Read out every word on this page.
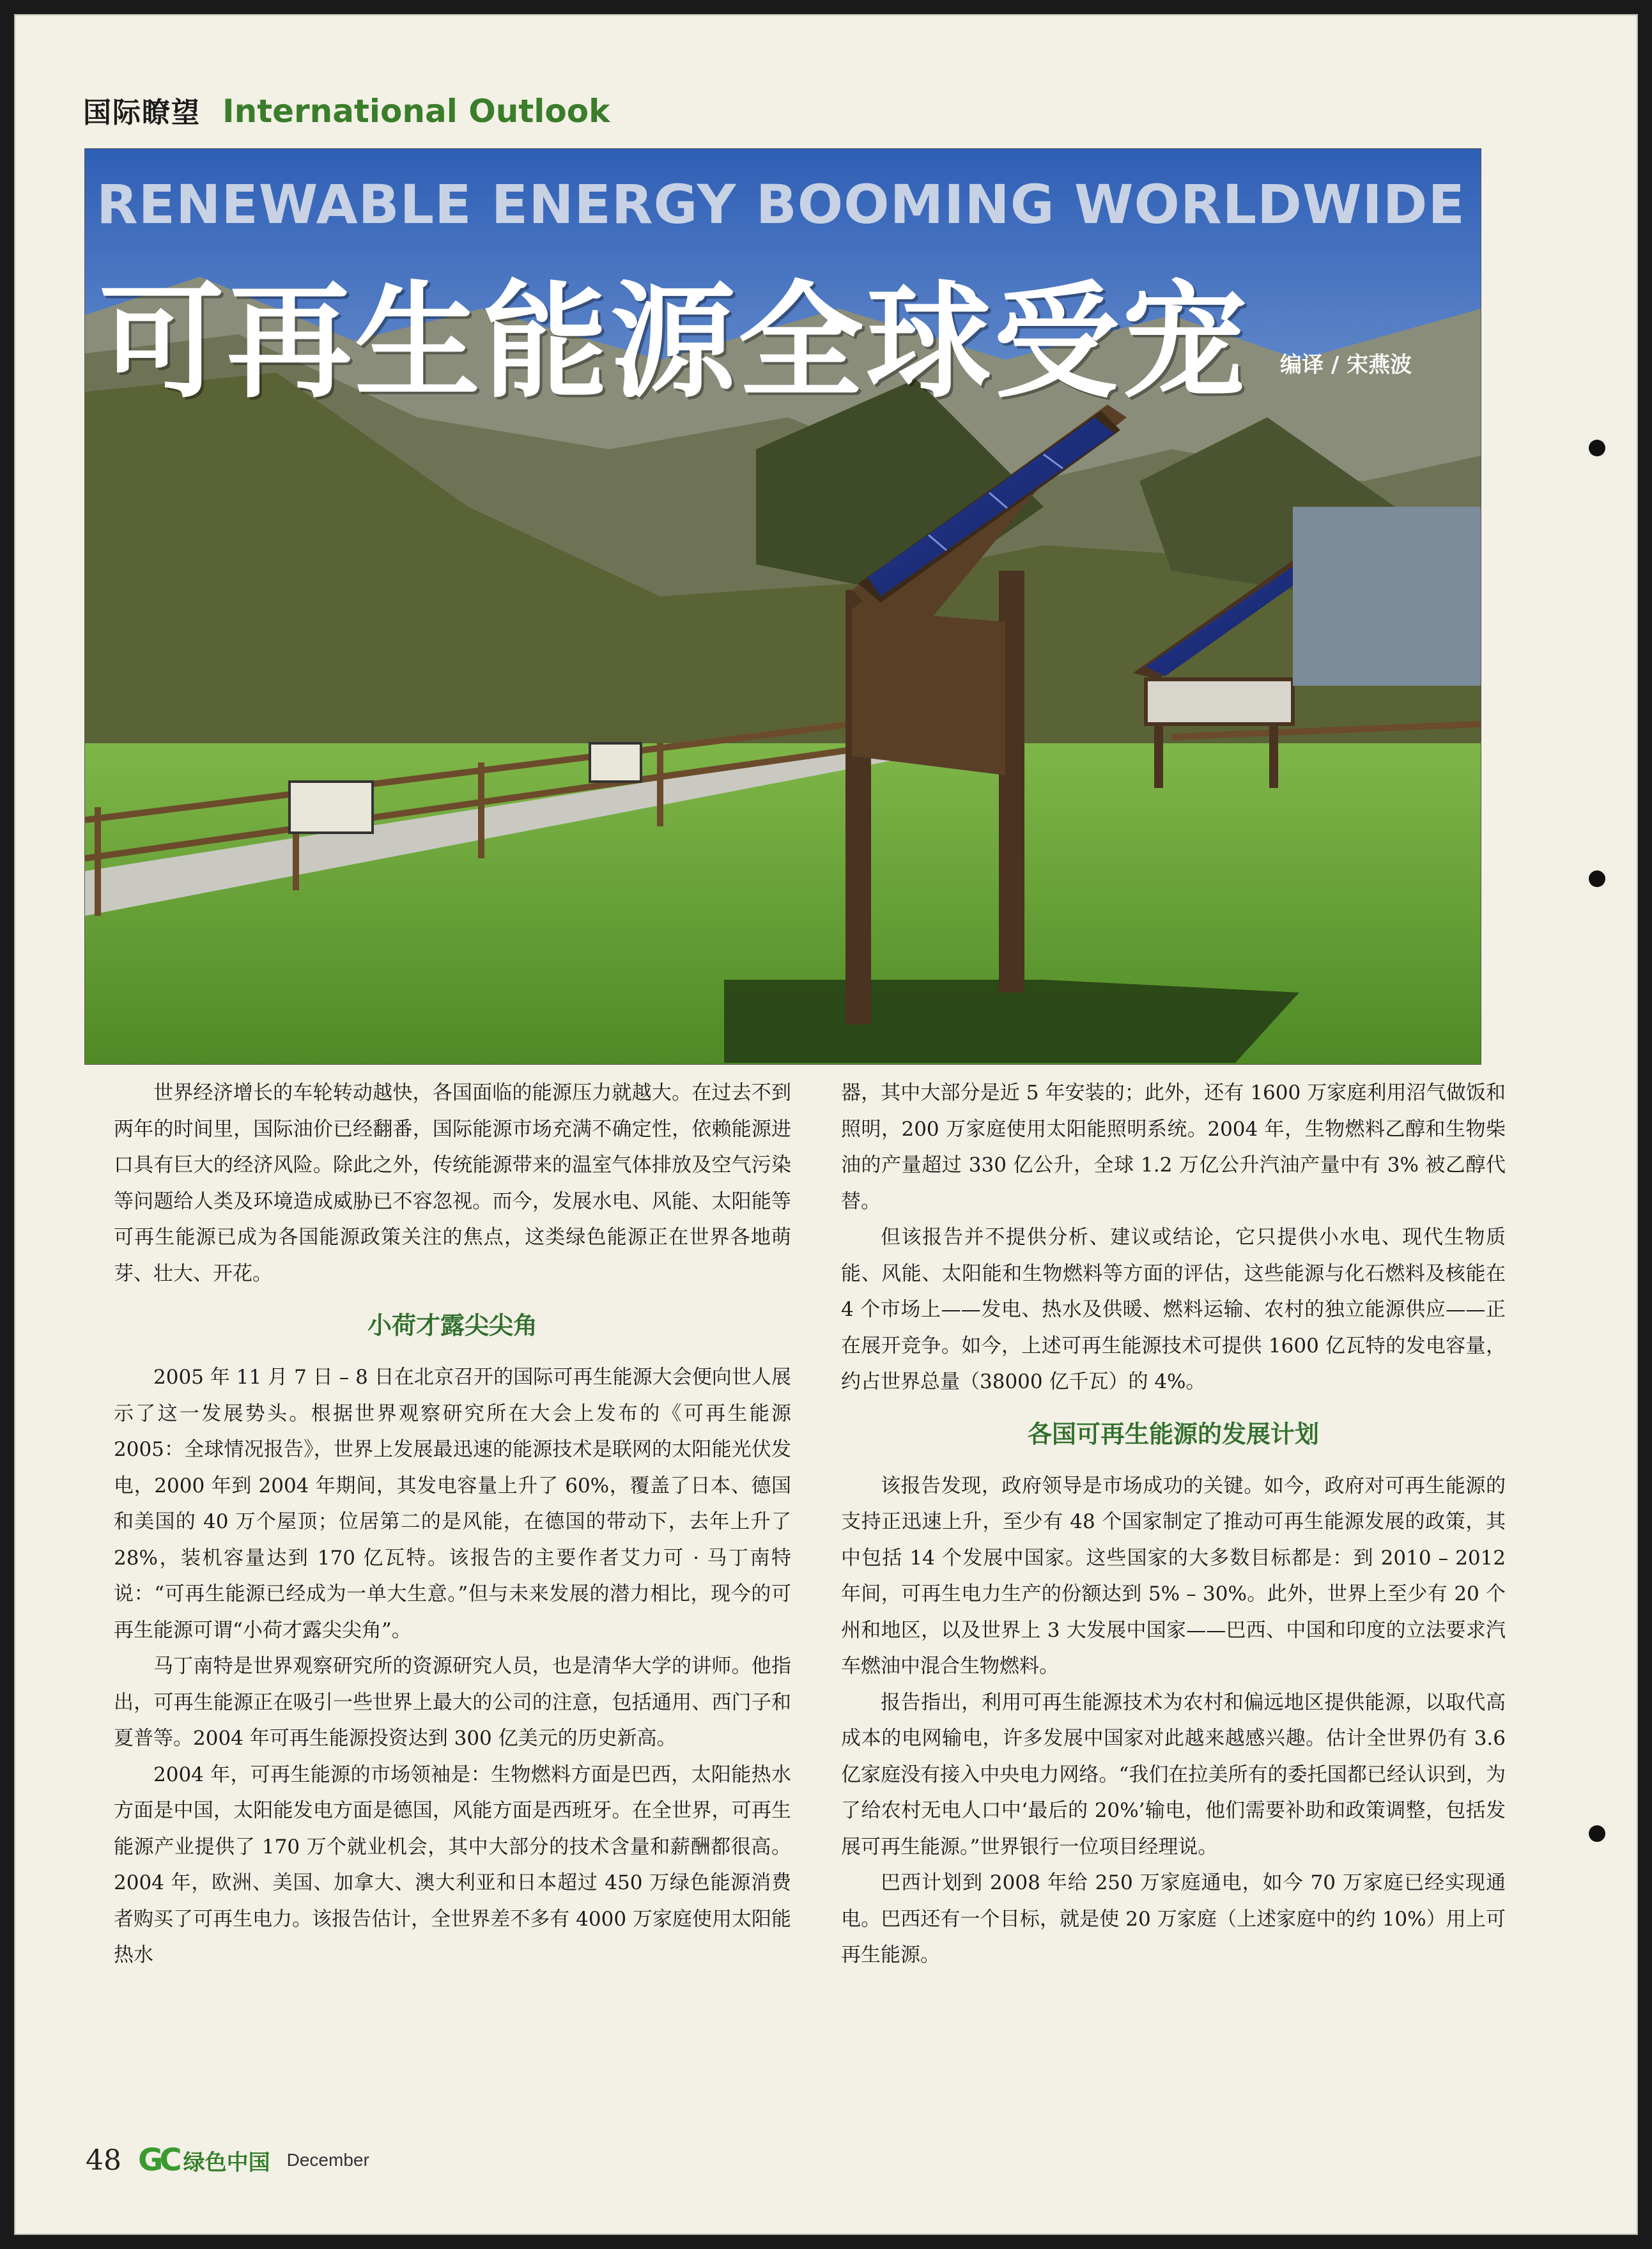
国际瞭望 International Outlook
RENEWABLE ENERGY BOOMING WORLDWIDE
可再生能源全球受宠 编译 / 宋燕波

世界经济增长的车轮转动越快，各国面临的能源压力就越大。在过去不到两年的时间里，国际油价已经翻番，国际能源市场充满不确定性，依赖能源进口具有巨大的经济风险。除此之外，传统能源带来的温室气体排放及空气污染等问题给人类及环境造成威胁已不容忽视。而今，发展水电、风能、太阳能等可再生能源已成为各国能源政策关注的焦点，这类绿色能源正在世界各地萌芽、壮大、开花。

小荷才露尖尖角

2005 年 11 月 7 日 – 8 日在北京召开的国际可再生能源大会便向世人展示了这一发展势头。根据世界观察研究所在大会上发布的《可再生能源 2005：全球情况报告》，世界上发展最迅速的能源技术是联网的太阳能光伏发电，2000 年到 2004 年期间，其发电容量上升了 60%，覆盖了日本、德国和美国的 40 万个屋顶；位居第二的是风能，在德国的带动下，去年上升了 28%，装机容量达到 170 亿瓦特。该报告的主要作者艾力可 · 马丁南特说：“可再生能源已经成为一单大生意。”但与未来发展的潜力相比，现今的可再生能源可谓“小荷才露尖尖角”。

马丁南特是世界观察研究所的资源研究人员，也是清华大学的讲师。他指出，可再生能源正在吸引一些世界上最大的公司的注意，包括通用、西门子和夏普等。2004 年可再生能源投资达到 300 亿美元的历史新高。

2004 年，可再生能源的市场领袖是：生物燃料方面是巴西，太阳能热水方面是中国，太阳能发电方面是德国，风能方面是西班牙。在全世界，可再生能源产业提供了 170 万个就业机会，其中大部分的技术含量和薪酬都很高。2004 年，欧洲、美国、加拿大、澳大利亚和日本超过 450 万绿色能源消费者购买了可再生电力。该报告估计，全世界差不多有 4000 万家庭使用太阳能热水

器，其中大部分是近 5 年安装的；此外，还有 1600 万家庭利用沼气做饭和照明，200 万家庭使用太阳能照明系统。2004 年，生物燃料乙醇和生物柴油的产量超过 330 亿公升，全球 1.2 万亿公升汽油产量中有 3% 被乙醇代替。

但该报告并不提供分析、建议或结论，它只提供小水电、现代生物质能、风能、太阳能和生物燃料等方面的评估，这些能源与化石燃料及核能在 4 个市场上——发电、热水及供暖、燃料运输、农村的独立能源供应——正在展开竞争。如今，上述可再生能源技术可提供 1600 亿瓦特的发电容量，约占世界总量（38000 亿千瓦）的 4%。

各国可再生能源的发展计划

该报告发现，政府领导是市场成功的关键。如今，政府对可再生能源的支持正迅速上升，至少有 48 个国家制定了推动可再生能源发展的政策，其中包括 14 个发展中国家。这些国家的大多数目标都是：到 2010 – 2012 年间，可再生电力生产的份额达到 5% – 30%。此外，世界上至少有 20 个州和地区，以及世界上 3 大发展中国家——巴西、中国和印度的立法要求汽车燃油中混合生物燃料。

报告指出，利用可再生能源技术为农村和偏远地区提供能源，以取代高成本的电网输电，许多发展中国家对此越来越感兴趣。估计全世界仍有 3.6 亿家庭没有接入中央电力网络。“我们在拉美所有的委托国都已经认识到，为了给农村无电人口中‘最后的 20%’输电，他们需要补助和政策调整，包括发展可再生能源。”世界银行一位项目经理说。

巴西计划到 2008 年给 250 万家庭通电，如今 70 万家庭已经实现通电。巴西还有一个目标，就是使 20 万家庭（上述家庭中的约 10%）用上可再生能源。

48 GC 绿色中国 December
